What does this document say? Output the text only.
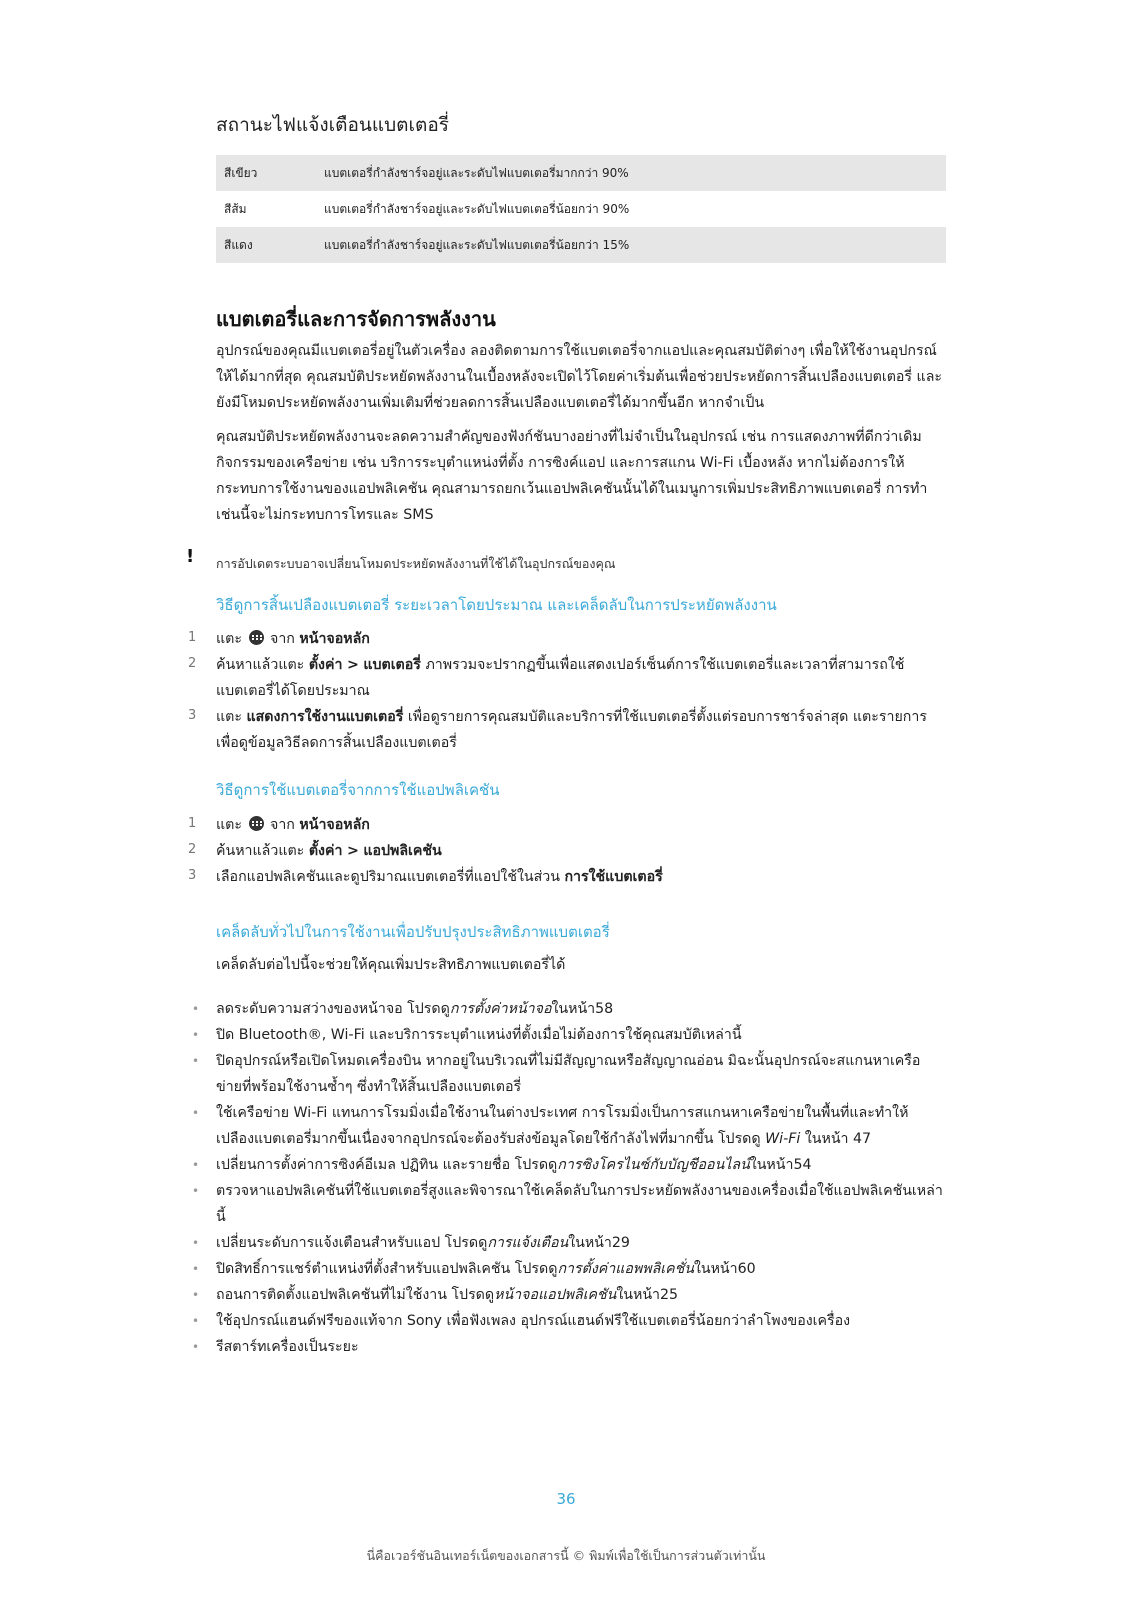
สถานะไฟแจ้งเตือนแบตเตอรี่
สีเขียว	แบตเตอรี่กำลังชาร์จอยู่และระดับไฟแบตเตอรี่มากกว่า 90%
สีส้ม	แบตเตอรี่กำลังชาร์จอยู่และระดับไฟแบตเตอรี่น้อยกว่า 90%
สีแดง	แบตเตอรี่กำลังชาร์จอยู่และระดับไฟแบตเตอรี่น้อยกว่า 15%
แบตเตอรี่และการจัดการพลังงาน

อุปกรณ์ของคุณมีแบตเตอรี่อยู่ในตัวเครื่อง ลองติดตามการใช้แบตเตอรี่จากแอปและคุณสมบัติต่างๆ เพื่อให้ใช้งานอุปกรณ์ให้ได้มากที่สุด คุณสมบัติประหยัดพลังงานในเบื้องหลังจะเปิดไว้โดยค่าเริ่มต้นเพื่อช่วยประหยัดการสิ้นเปลืองแบตเตอรี่ และยังมีโหมดประหยัดพลังงานเพิ่มเติมที่ช่วยลดการสิ้นเปลืองแบตเตอรี่ได้มากขึ้นอีก หากจำเป็น

คุณสมบัติประหยัดพลังงานจะลดความสำคัญของฟังก์ชันบางอย่างที่ไม่จำเป็นในอุปกรณ์ เช่น การแสดงภาพที่ดีกว่าเดิม กิจกรรมของเครือข่าย เช่น บริการระบุตำแหน่งที่ตั้ง การซิงค์แอป และการสแกน Wi-Fi เบื้องหลัง หากไม่ต้องการให้กระทบการใช้งานของแอปพลิเคชัน คุณสามารถยกเว้นแอปพลิเคชันนั้นได้ในเมนูการเพิ่มประสิทธิภาพแบตเตอรี่ การทำเช่นนี้จะไม่กระทบการโทรและ SMS

! การอัปเดตระบบอาจเปลี่ยนโหมดประหยัดพลังงานที่ใช้ได้ในอุปกรณ์ของคุณ
วิธีดูการสิ้นเปลืองแบตเตอรี่ ระยะเวลาโดยประมาณ และเคล็ดลับในการประหยัดพลังงาน
1 แตะ จาก หน้าจอหลัก
2 ค้นหาแล้วแตะ ตั้งค่า > แบตเตอรี่ ภาพรวมจะปรากฏขึ้นเพื่อแสดงเปอร์เซ็นต์การใช้แบตเตอรี่และเวลาที่สามารถใช้แบตเตอรี่ได้โดยประมาณ
3 แตะ แสดงการใช้งานแบตเตอรี่ เพื่อดูรายการคุณสมบัติและบริการที่ใช้แบตเตอรี่ตั้งแต่รอบการชาร์จล่าสุด แตะรายการเพื่อดูข้อมูลวิธีลดการสิ้นเปลืองแบตเตอรี่
วิธีดูการใช้แบตเตอรี่จากการใช้แอปพลิเคชัน
1 แตะ จาก หน้าจอหลัก
2 ค้นหาแล้วแตะ ตั้งค่า > แอปพลิเคชัน
3 เลือกแอปพลิเคชันและดูปริมาณแบตเตอรี่ที่แอปใช้ในส่วน การใช้แบตเตอรี่
เคล็ดลับทั่วไปในการใช้งานเพื่อปรับปรุงประสิทธิภาพแบตเตอรี่
เคล็ดลับต่อไปนี้จะช่วยให้คุณเพิ่มประสิทธิภาพแบตเตอรี่ได้
• ลดระดับความสว่างของหน้าจอ โปรดดูการตั้งค่าหน้าจอในหน้า58
• ปิด Bluetooth®, Wi-Fi และบริการระบุตำแหน่งที่ตั้งเมื่อไม่ต้องการใช้คุณสมบัติเหล่านี้
• ปิดอุปกรณ์หรือเปิดโหมดเครื่องบิน หากอยู่ในบริเวณที่ไม่มีสัญญาณหรือสัญญาณอ่อน มิฉะนั้นอุปกรณ์จะสแกนหาเครือข่ายที่พร้อมใช้งานซ้ำๆ ซึ่งทำให้สิ้นเปลืองแบตเตอรี่
• ใช้เครือข่าย Wi-Fi แทนการโรมมิ่งเมื่อใช้งานในต่างประเทศ การโรมมิ่งเป็นการสแกนหาเครือข่ายในพื้นที่และทำให้เปลืองแบตเตอรี่มากขึ้นเนื่องจากอุปกรณ์จะต้องรับส่งข้อมูลโดยใช้กำลังไฟที่มากขึ้น โปรดดู Wi-Fi ในหน้า 47
• เปลี่ยนการตั้งค่าการซิงค์อีเมล ปฏิทิน และรายชื่อ โปรดดูการซิงโครไนซ์กับบัญชีออนไลน์ในหน้า54
• ตรวจหาแอปพลิเคชันที่ใช้แบตเตอรี่สูงและพิจารณาใช้เคล็ดลับในการประหยัดพลังงานของเครื่องเมื่อใช้แอปพลิเคชันเหล่านี้
• เปลี่ยนระดับการแจ้งเตือนสำหรับแอป โปรดดูการแจ้งเตือนในหน้า29
• ปิดสิทธิ์การแชร์ตำแหน่งที่ตั้งสำหรับแอปพลิเคชัน โปรดดูการตั้งค่าแอพพลิเคชั่นในหน้า60
• ถอนการติดตั้งแอปพลิเคชันที่ไม่ใช้งาน โปรดดูหน้าจอแอปพลิเคชันในหน้า25
• ใช้อุปกรณ์แฮนด์ฟรีของแท้จาก Sony เพื่อฟังเพลง อุปกรณ์แฮนด์ฟรีใช้แบตเตอรี่น้อยกว่าลำโพงของเครื่อง
• รีสตาร์ทเครื่องเป็นระยะ
36
นี่คือเวอร์ชันอินเทอร์เน็ตของเอกสารนี้ © พิมพ์เพื่อใช้เป็นการส่วนตัวเท่านั้น
